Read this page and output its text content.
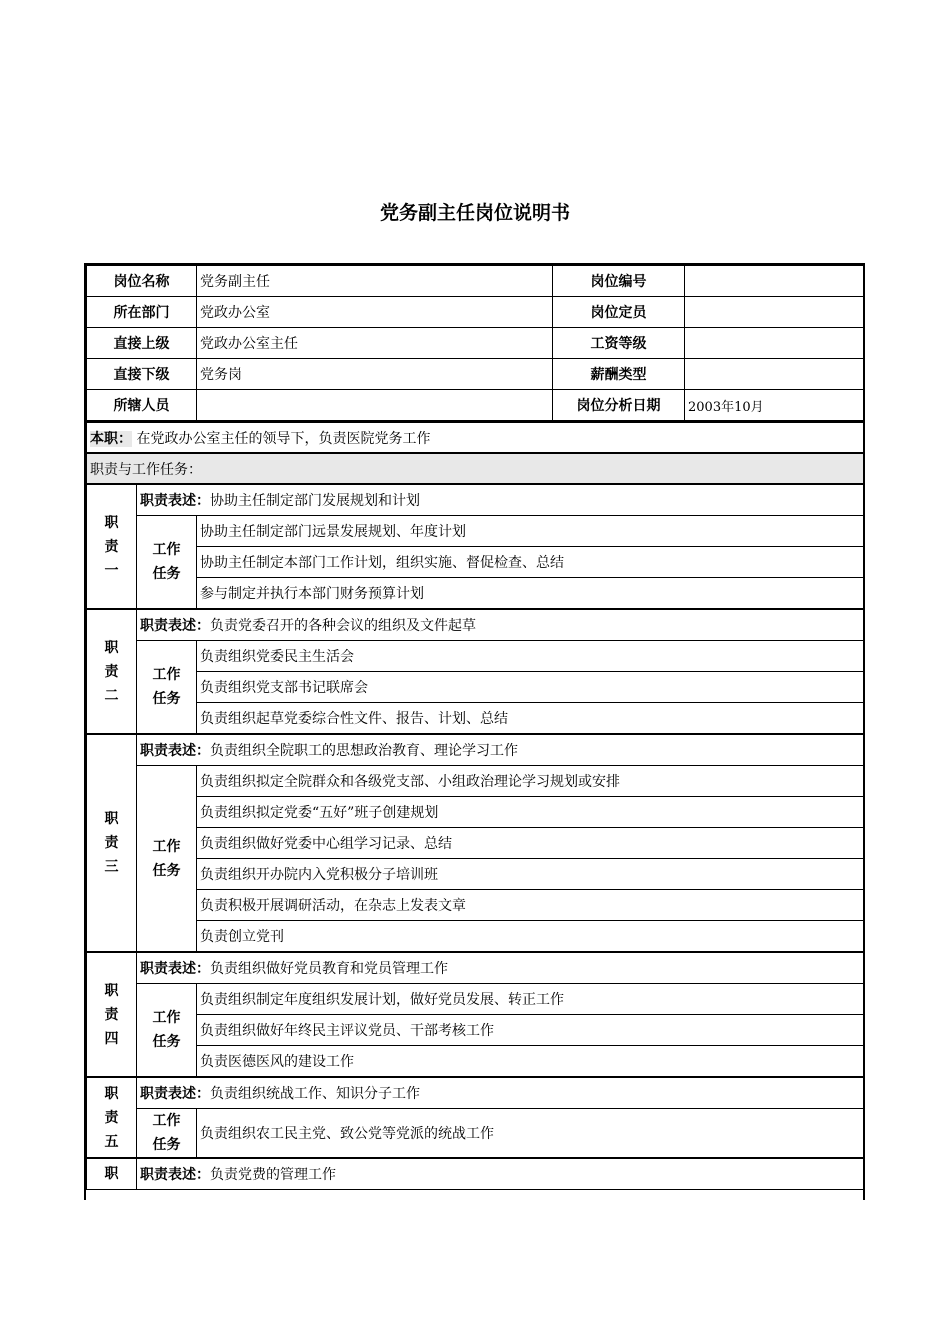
党务副主任岗位说明书
岗位名称	党务副主任	岗位编号	
所在部门	党政办公室	岗位定员	
直接上级	党政办公室主任	工资等级	
直接下级	党务岗	薪酬类型	
所辖人员		岗位分析日期	2003年10月
本职： 在党政办公室主任的领导下，负责医院党务工作		
职责与工作任务：		

职
责
一	职责表述：协助主任制定部门发展规划和计划	

	工作
任务	协助主任制定部门远景发展规划、年度计划
		协助主任制定本部门工作计划，组织实施、督促检查、总结
		参与制定并执行本部门财务预算计划

职
责
二	职责表述：负责党委召开的各种会议的组织及文件起草	

	工作
任务	负责组织党委民主生活会
		负责组织党支部书记联席会
		负责组织起草党委综合性文件、报告、计划、总结

职
责
三	职责表述：负责组织全院职工的思想政治教育、理论学习工作	

	工作
任务	负责组织拟定全院群众和各级党支部、小组政治理论学习规划或安排
		负责组织拟定党委“五好”班子创建规划
		负责组织做好党委中心组学习记录、总结
		负责组织开办院内入党积极分子培训班
		负责积极开展调研活动，在杂志上发表文章
		负责创立党刊

职
责
四	职责表述：负责组织做好党员教育和党员管理工作	

	工作
任务	负责组织制定年度组织发展计划，做好党员发展、转正工作
		负责组织做好年终民主评议党员、干部考核工作
		负责医德医风的建设工作

职
责
五	职责表述：负责组织统战工作、知识分子工作	

	工作
任务	负责组织农工民主党、致公党等党派的统战工作

职	职责表述：负责党费的管理工作	
